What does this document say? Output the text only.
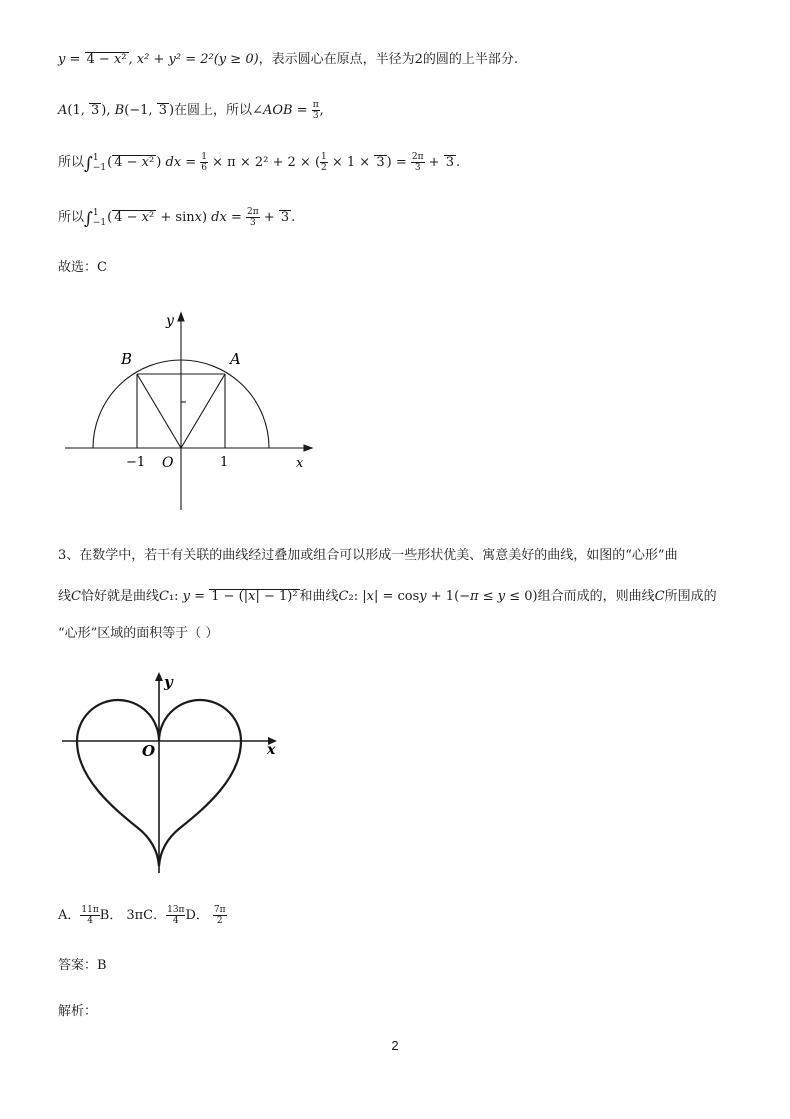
y = 4 − x² , x² + y² = 2²(y ≥ 0)，表示圆心在原点，半径为2的圆的上半部分.
A(1, 3 ), B(−1, 3 )在圆上，所以∠AOB = $\frac{\pi}{3}$ ,
所以∫ 1
−1 ( 4 − x² ) dx = $\frac{1}{6} \times \pi \times 2^2 + 2$ × ( $\frac{1}{2} \times 1 \times 3$ ) = $\frac{2\pi}{3} + 3$ .
所以∫ 1
−1 ( 4 − x² + sinx) dx = $\frac{2\pi}{3} + 3$ .
故选：C
y
x
B	A
O
−1	1
3、在数学中，若干有关联的曲线经过叠加或组合可以形成一些形状优美、寓意美好的曲线，如图的“心形”曲
线C恰好就是曲线C₁: y = 1 − (|x| − 1)² 和曲线C₂: |x| = cosy + 1(−π ≤ y ≤ 0)组合而成的，则曲线C所围成的
“心形”区域的面积等于（ ）
y
x
O
A． $\frac{11\pi}{4}$ B． 3πC． $\frac{13\pi}{4}$ D． $\frac{7\pi}{2}$
答案：B
解析：
2
